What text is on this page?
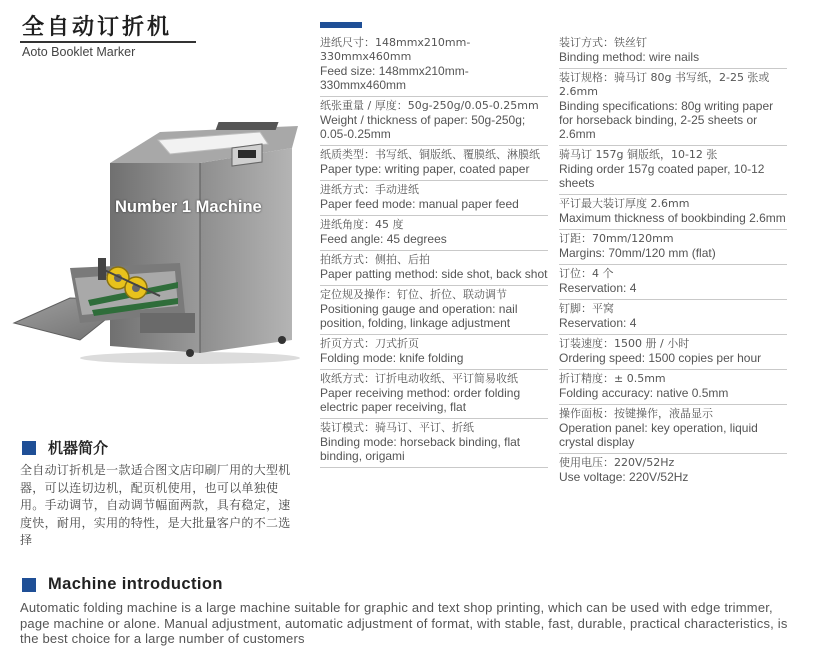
全自动订折机
Aoto Booklet Marker
Number 1 Machine
进纸尺寸：148mmx210mm-330mmx460mm
Feed size: 148mmx210mm-330mmx460mm
纸张重量 / 厚度：50g-250g/0.05-0.25mm
Weight / thickness of paper: 50g-250g; 0.05-0.25mm
纸质类型：书写纸、铜版纸、覆膜纸、淋膜纸
Paper type: writing paper, coated paper
进纸方式：手动进纸
Paper feed mode: manual paper feed
进纸角度：45 度
Feed angle: 45 degrees
拍纸方式：侧拍、后拍
Paper patting method: side shot, back shot
定位规及操作：钉位、折位、联动调节
Positioning gauge and operation: nail position, folding, linkage adjustment
折页方式：刀式折页
Folding mode: knife folding
收纸方式：订折电动收纸、平订简易收纸
Paper receiving method: order folding electric paper receiving, flat
装订模式：骑马订、平订、折纸
Binding mode: horseback binding, flat binding, origami
装订方式：铁丝钉
Binding method: wire nails
装订规格：骑马订 80g 书写纸，2-25 张或 2.6mm
Binding specifications: 80g writing paper for horseback binding, 2-25 sheets or 2.6mm
骑马订 157g 铜版纸，10-12 张
Riding order 157g coated paper, 10-12 sheets
平订最大装订厚度 2.6mm
Maximum thickness of bookbinding 2.6mm
订距：70mm/120mm
Margins: 70mm/120 mm (flat)
订位：4 个
Reservation: 4
钉脚：平窝
Reservation: 4
订装速度：1500 册 / 小时
Ordering speed: 1500 copies per hour
折订精度：± 0.5mm
Folding accuracy: native 0.5mm
操作面板：按键操作，液晶显示
Operation panel: key operation, liquid crystal display
使用电压：220V/52Hz
Use voltage: 220V/52Hz
机器简介
全自动订折机是一款适合图文店印刷厂用的大型机器，可以连切边机，配页机使用，也可以单独使用。手动调节，自动调节幅面两款，具有稳定，速度快，耐用，实用的特性，是大批量客户的不二选择
Machine introduction
Automatic folding machine is a large machine suitable for graphic and text shop printing, which can be used with edge trimmer, page machine or alone. Manual adjustment, automatic adjustment of format, with stable, fast, durable, practical characteristics, is the best choice for a large number of customers
